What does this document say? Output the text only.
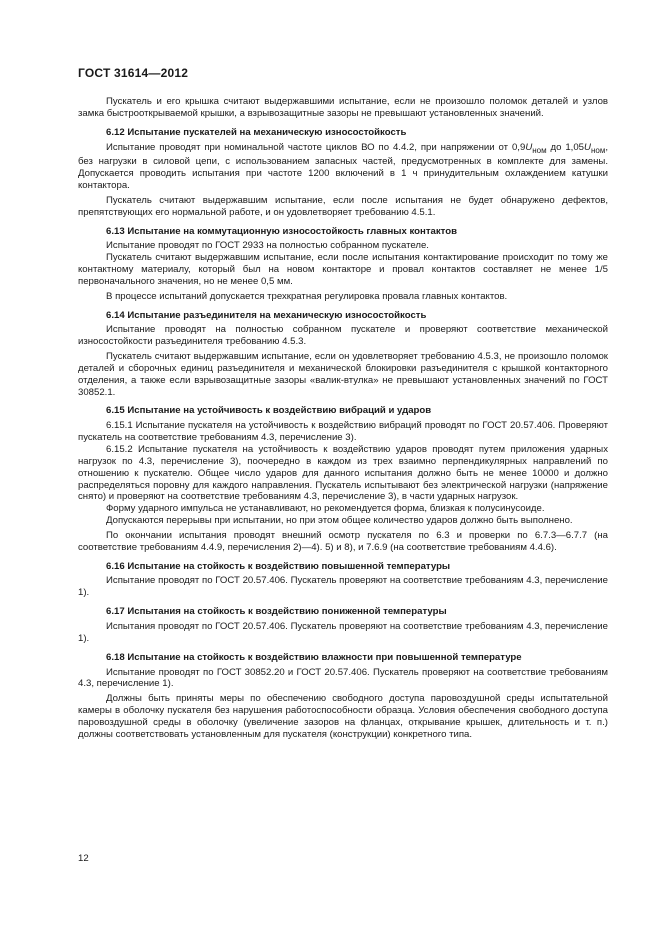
ГОСТ 31614—2012

Пускатель и его крышка считают выдержавшими испытание, если не произошло поломок деталей и узлов замка быстрооткрываемой крышки, а взрывозащитные зазоры не превышают установленных значений.

6.12 Испытание пускателей на механическую износостойкость

Испытание проводят при номинальной частоте циклов ВО по 4.4.2, при напряжении от $0,9U_{ном}$ до $1,05U_{ном}$, без нагрузки в силовой цепи, с использованием запасных частей, предусмотренных в комплекте для замены. Допускается проводить испытания при частоте 1200 включений в 1 ч принудительным охлаждением катушки контактора.

Пускатель считают выдержавшим испытание, если после испытания не будет обнаружено дефектов, препятствующих его нормальной работе, и он удовлетворяет требованию 4.5.1.

6.13 Испытание на коммутационную износостойкость главных контактов

Испытание проводят по ГОСТ 2933 на полностью собранном пускателе.

Пускатель считают выдержавшим испытание, если после испытания контактирование происходит по тому же контактному материалу, который был на новом контакторе и провал контактов составляет не менее 1/5 первоначального значения, но не менее 0,5 мм.

В процессе испытаний допускается трехкратная регулировка провала главных контактов.

6.14 Испытание разъединителя на механическую износостойкость

Испытание проводят на полностью собранном пускателе и проверяют соответствие механической износостойкости разъединителя требованию 4.5.3.

Пускатель считают выдержавшим испытание, если он удовлетворяет требованию 4.5.3, не произошло поломок деталей и сборочных единиц разъединителя и механической блокировки разъединителя с крышкой контакторного отделения, а также если взрывозащитные зазоры «валик-втулка» не превышают установленных значений по ГОСТ 30852.1.

6.15 Испытание на устойчивость к воздействию вибраций и ударов

6.15.1 Испытание пускателя на устойчивость к воздействию вибраций проводят по ГОСТ 20.57.406. Проверяют пускатель на соответствие требованиям 4.3, перечисление 3).

6.15.2 Испытание пускателя на устойчивость к воздействию ударов проводят путем приложения ударных нагрузок по 4.3, перечисление 3), поочередно в каждом из трех взаимно перпендикулярных направлений по отношению к пускателю. Общее число ударов для данного испытания должно быть не менее 10000 и должно распределяться поровну для каждого направления. Пускатель испытывают без электрической нагрузки (напряжение снято) и проверяют на соответствие требованиям 4.3, перечисление 3), в части ударных нагрузок.

Форму ударного импульса не устанавливают, но рекомендуется форма, близкая к полусинусоиде.

Допускаются перерывы при испытании, но при этом общее количество ударов должно быть выполнено.

По окончании испытания проводят внешний осмотр пускателя по 6.3 и проверки по 6.7.3—6.7.7 (на соответствие требованиям 4.4.9, перечисления 2)—4). 5) и 8), и 7.6.9 (на соответствие требованиям 4.4.6).

6.16 Испытание на стойкость к воздействию повышенной температуры

Испытание проводят по ГОСТ 20.57.406. Пускатель проверяют на соответствие требованиям 4.3, перечисление 1).

6.17 Испытания на стойкость к воздействию пониженной температуры

Испытания проводят по ГОСТ 20.57.406. Пускатель проверяют на соответствие требованиям 4.3, перечисление 1).

6.18 Испытание на стойкость к воздействию влажности при повышенной температуре

Испытание проводят по ГОСТ 30852.20 и ГОСТ 20.57.406. Пускатель проверяют на соответствие требованиям 4.3, перечисление 1).

Должны быть приняты меры по обеспечению свободного доступа паровоздушной среды испытательной камеры в оболочку пускателя без нарушения работоспособности образца. Условия обеспечения свободного доступа паровоздушной среды в оболочку (увеличение зазоров на фланцах, открывание крышек, длительность и т. п.) должны соответствовать установленным для пускателя (конструкции) конкретного типа.

12
